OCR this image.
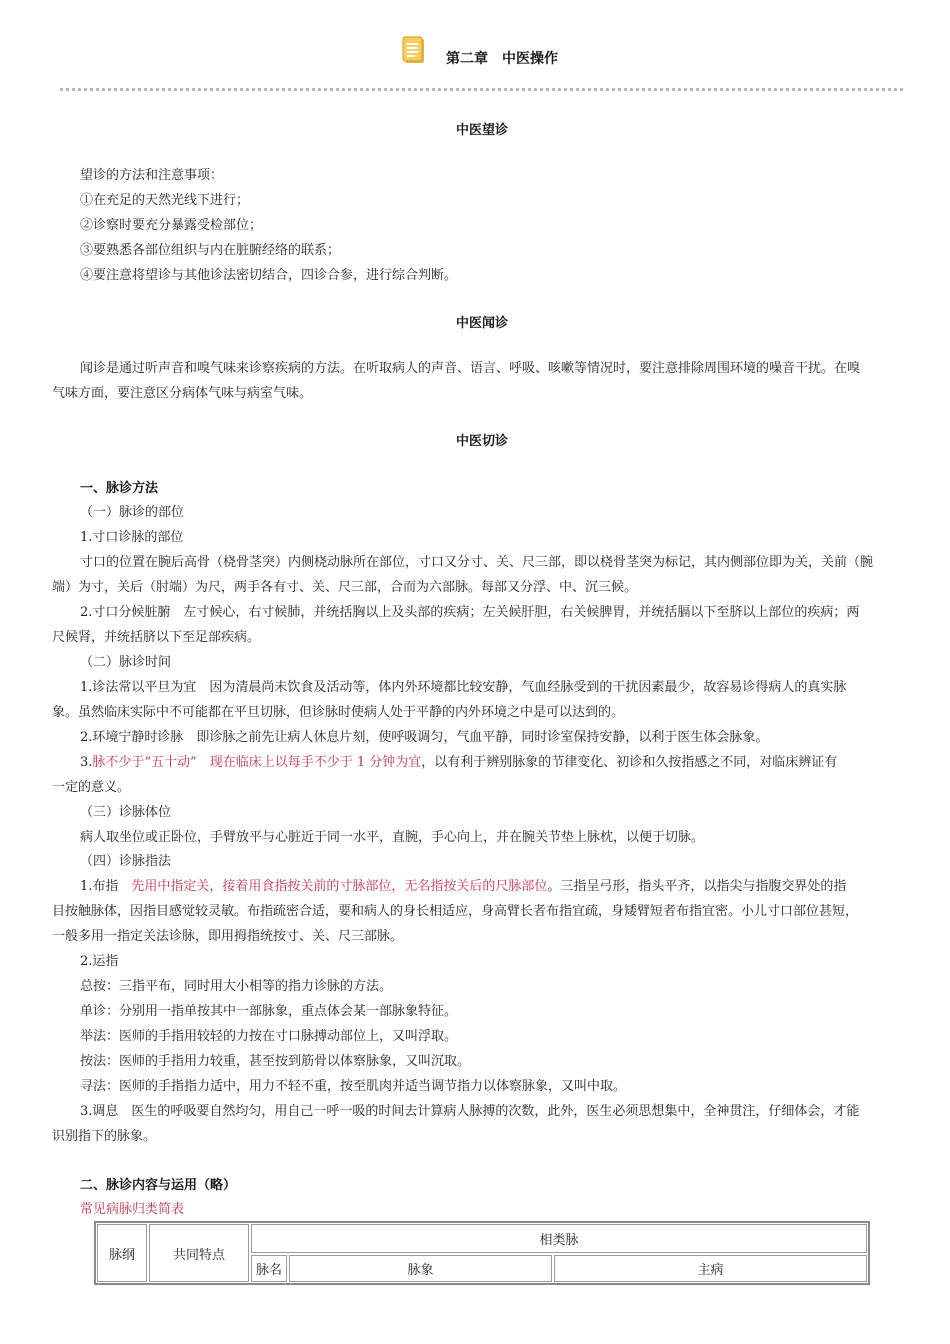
第二章　中医操作
中医望诊
望诊的方法和注意事项：
①在充足的天然光线下进行；
②诊察时要充分暴露受检部位；
③要熟悉各部位组织与内在脏腑经络的联系；
④要注意将望诊与其他诊法密切结合，四诊合参，进行综合判断。
中医闻诊
闻诊是通过听声音和嗅气味来诊察疾病的方法。在听取病人的声音、语言、呼吸、咳嗽等情况时，要注意排除周围环境的噪音干扰。在嗅
气味方面，要注意区分病体气味与病室气味。
中医切诊
一、脉诊方法
（一）脉诊的部位
1.寸口诊脉的部位
寸口的位置在腕后高骨（桡骨茎突）内侧桡动脉所在部位，寸口又分寸、关、尺三部，即以桡骨茎突为标记，其内侧部位即为关，关前（腕
端）为寸，关后（肘端）为尺，两手各有寸、关、尺三部，合而为六部脉。每部又分浮、中、沉三候。
2.寸口分候脏腑　左寸候心，右寸候肺，并统括胸以上及头部的疾病；左关候肝胆，右关候脾胃，并统括膈以下至脐以上部位的疾病；两
尺候肾，并统括脐以下至足部疾病。
（二）脉诊时间
1.诊法常以平旦为宜　因为清晨尚未饮食及活动等，体内外环境都比较安静，气血经脉受到的干扰因素最少，故容易诊得病人的真实脉
象。虽然临床实际中不可能都在平旦切脉，但诊脉时使病人处于平静的内外环境之中是可以达到的。
2.环境宁静时诊脉　即诊脉之前先让病人休息片刻，使呼吸调匀，气血平静，同时诊室保持安静，以利于医生体会脉象。
3.脉不少于“五十动”　现在临床上以每手不少于 1 分钟为宜，以有利于辨别脉象的节律变化、初诊和久按指感之不同，对临床辨证有
一定的意义。
（三）诊脉体位
病人取坐位或正卧位，手臂放平与心脏近于同一水平，直腕，手心向上，并在腕关节垫上脉枕，以便于切脉。
（四）诊脉指法
1.布指　先用中指定关，接着用食指按关前的寸脉部位，无名指按关后的尺脉部位。三指呈弓形，指头平齐，以指尖与指腹交界处的指
目按触脉体，因指目感觉较灵敏。布指疏密合适，要和病人的身长相适应，身高臂长者布指宜疏，身矮臂短者布指宜密。小儿寸口部位甚短，
一般多用一指定关法诊脉，即用拇指统按寸、关、尺三部脉。
2.运指
总按：三指平布，同时用大小相等的指力诊脉的方法。
单诊：分别用一指单按其中一部脉象，重点体会某一部脉象特征。
举法：医师的手指用较轻的力按在寸口脉搏动部位上，又叫浮取。
按法：医师的手指用力较重，甚至按到筋骨以体察脉象，又叫沉取。
寻法：医师的手指指力适中，用力不轻不重，按至肌肉并适当调节指力以体察脉象，又叫中取。
3.调息　医生的呼吸要自然均匀，用自己一呼一吸的时间去计算病人脉搏的次数，此外，医生必须思想集中，全神贯注，仔细体会，才能
识别指下的脉象。
二、脉诊内容与运用（略）
常见病脉归类简表
脉纲	共同特点
相类脉
脉名	脉象	主病
